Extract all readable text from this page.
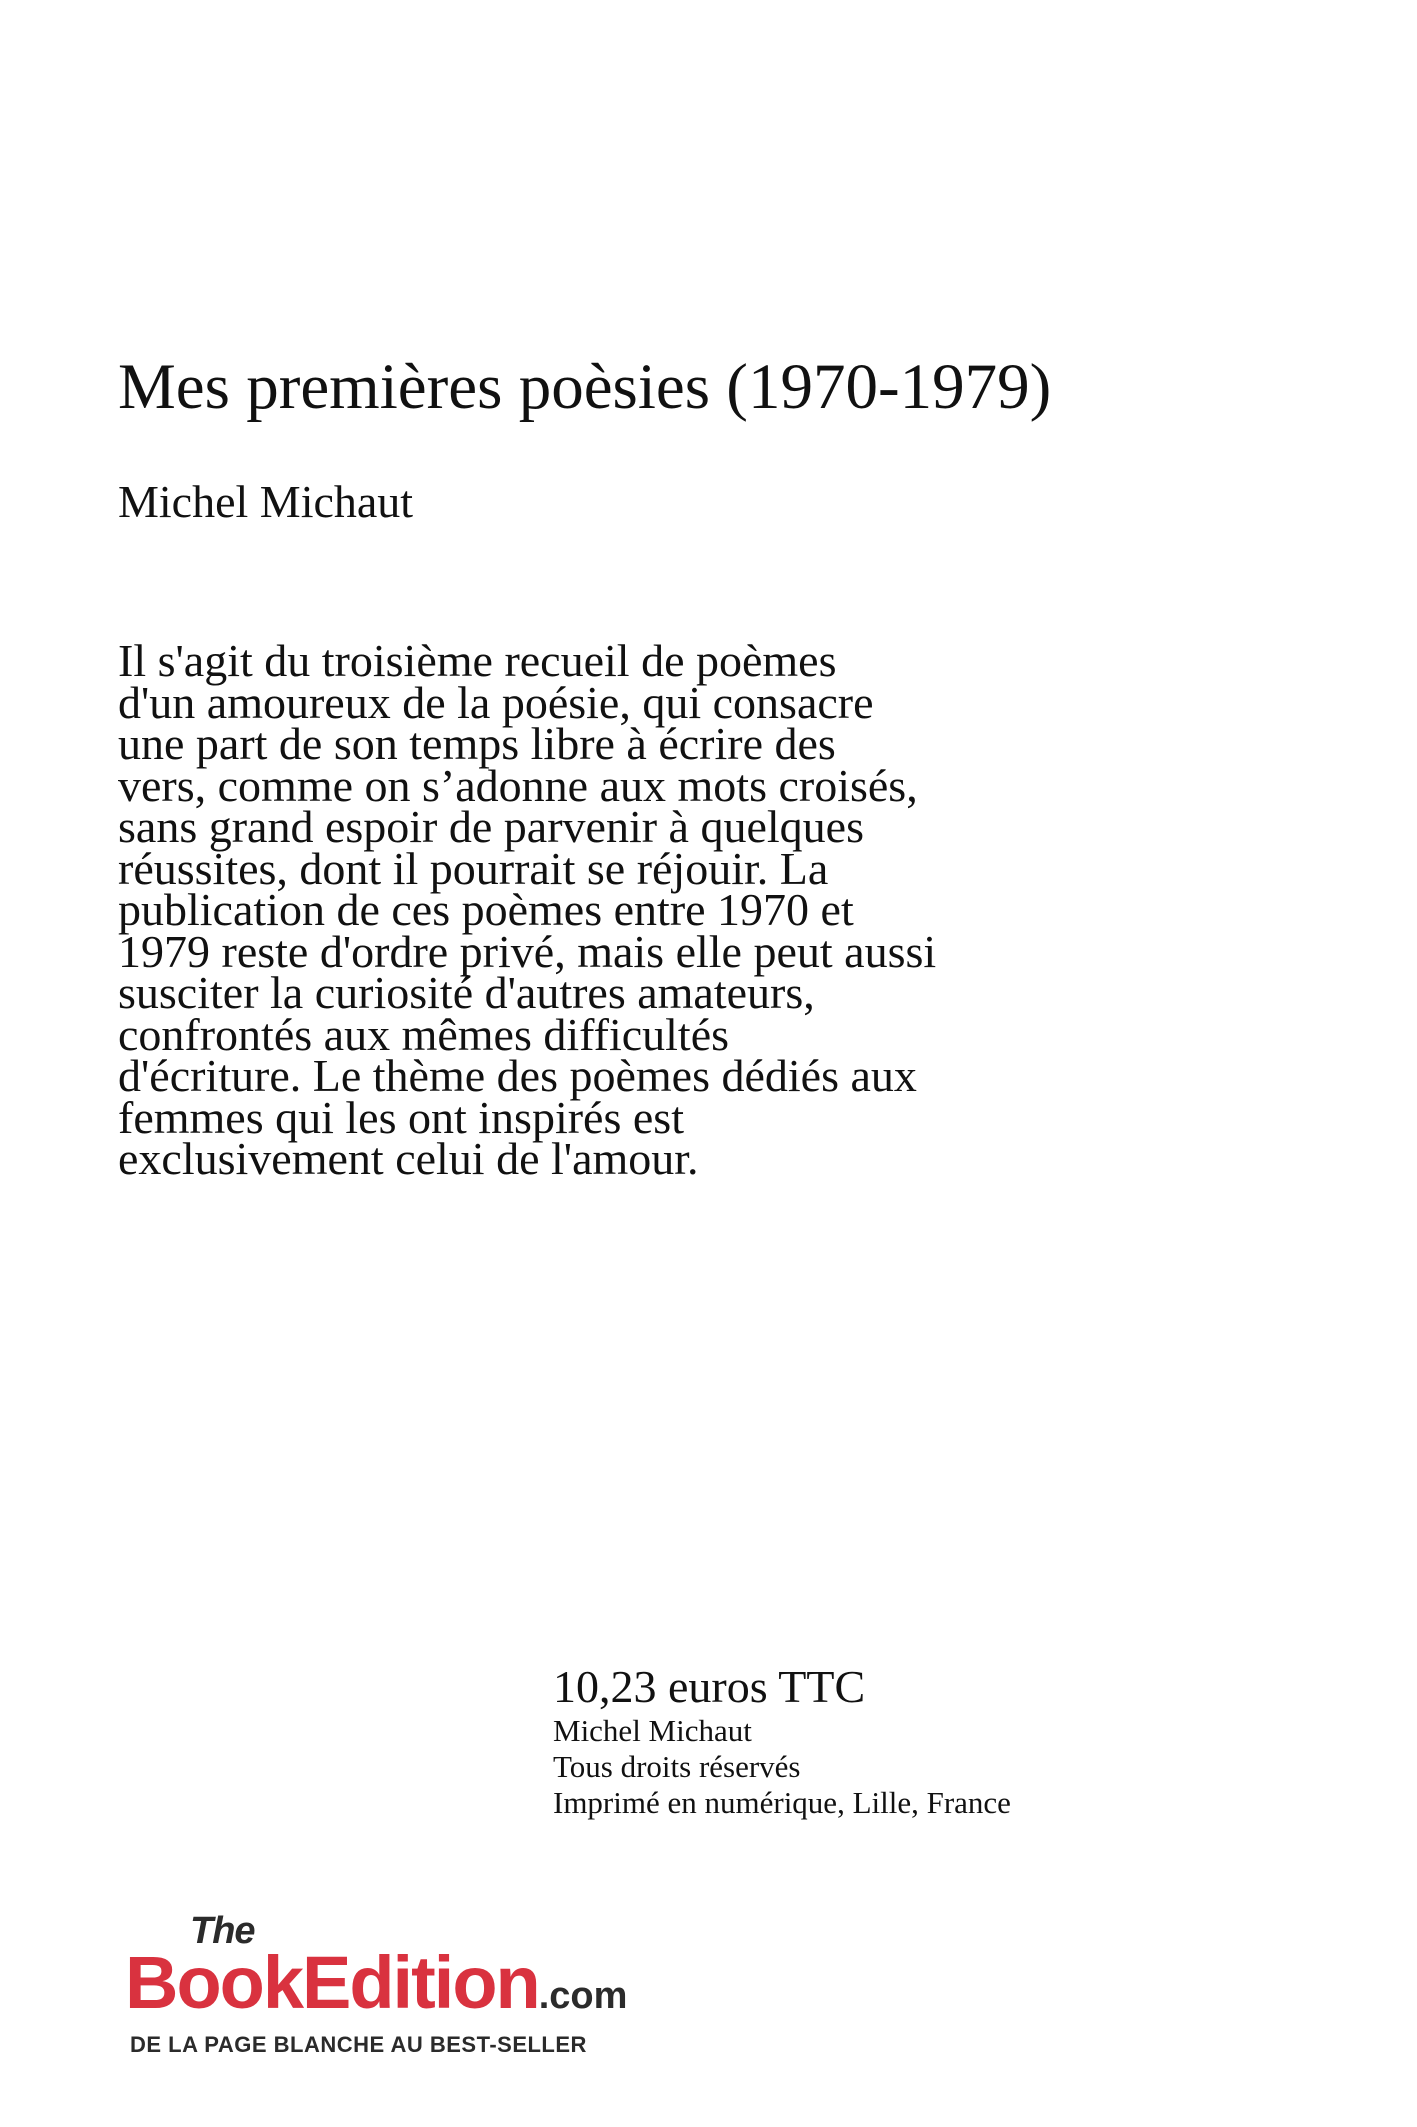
Mes premières poèsies (1970-1979)
Michel Michaut
Il s'agit du troisième recueil de poèmes
d'un amoureux de la poésie, qui consacre
une part de son temps libre à écrire des
vers, comme on s’adonne aux mots croisés,
sans grand espoir de parvenir à quelques
réussites, dont il pourrait se réjouir. La
publication de ces poèmes entre 1970 et
1979 reste d'ordre privé, mais elle peut aussi
susciter la curiosité d'autres amateurs,
confrontés aux mêmes difficultés
d'écriture. Le thème des poèmes dédiés aux
femmes qui les ont inspirés est
exclusivement celui de l'amour.
10,23 euros TTC
Michel Michaut
Tous droits réservés
Imprimé en numérique, Lille, France
The
BookEdition.com
DE LA PAGE BLANCHE AU BEST-SELLER
